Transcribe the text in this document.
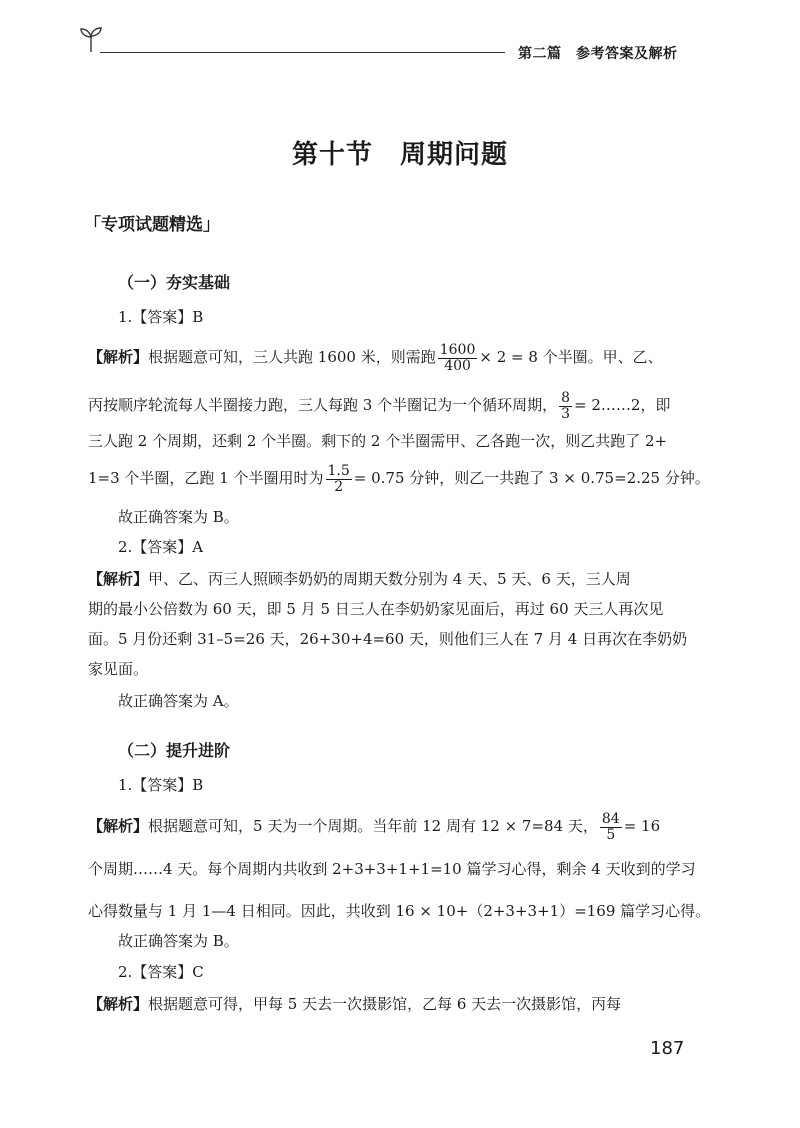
第二篇　参考答案及解析
第十节　周期问题
「专项试题精选」
（一）夯实基础
1.【答案】B
【解析】根据题意可知，三人共跑 1600 米，则需跑 $\frac{1600}{400} \times 2 = 8$ 个半圈。甲、乙、
丙按顺序轮流每人半圈接力跑，三人每跑 3 个半圈记为一个循环周期， $\frac{8}{3}$ = 2……2，即
三人跑 2 个周期，还剩 2 个半圈。剩下的 2 个半圈需甲、乙各跑一次，则乙共跑了 2+
1=3 个半圈，乙跑 1 个半圈用时为 $\frac{1.5}{2} = 0.75$ 分钟，则乙一共跑了 3 × 0.75=2.25 分钟。
故正确答案为 B。
2.【答案】A
【解析】甲、乙、丙三人照顾李奶奶的周期天数分别为 4 天、5 天、6 天，三人周
期的最小公倍数为 60 天，即 5 月 5 日三人在李奶奶家见面后，再过 60 天三人再次见
面。5 月份还剩 31–5=26 天，26+30+4=60 天，则他们三人在 7 月 4 日再次在李奶奶
家见面。
故正确答案为 A。
（二）提升进阶
1.【答案】B
【解析】根据题意可知，5 天为一个周期。当年前 12 周有 12 × 7=84 天， $\frac{84}{5} = 16$
个周期……4 天。每个周期内共收到 2+3+3+1+1=10 篇学习心得，剩余 4 天收到的学习
心得数量与 1 月 1—4 日相同。因此，共收到 16 × 10+（2+3+3+1）=169 篇学习心得。
故正确答案为 B。
2.【答案】C
【解析】根据题意可得，甲每 5 天去一次摄影馆，乙每 6 天去一次摄影馆，丙每
187
